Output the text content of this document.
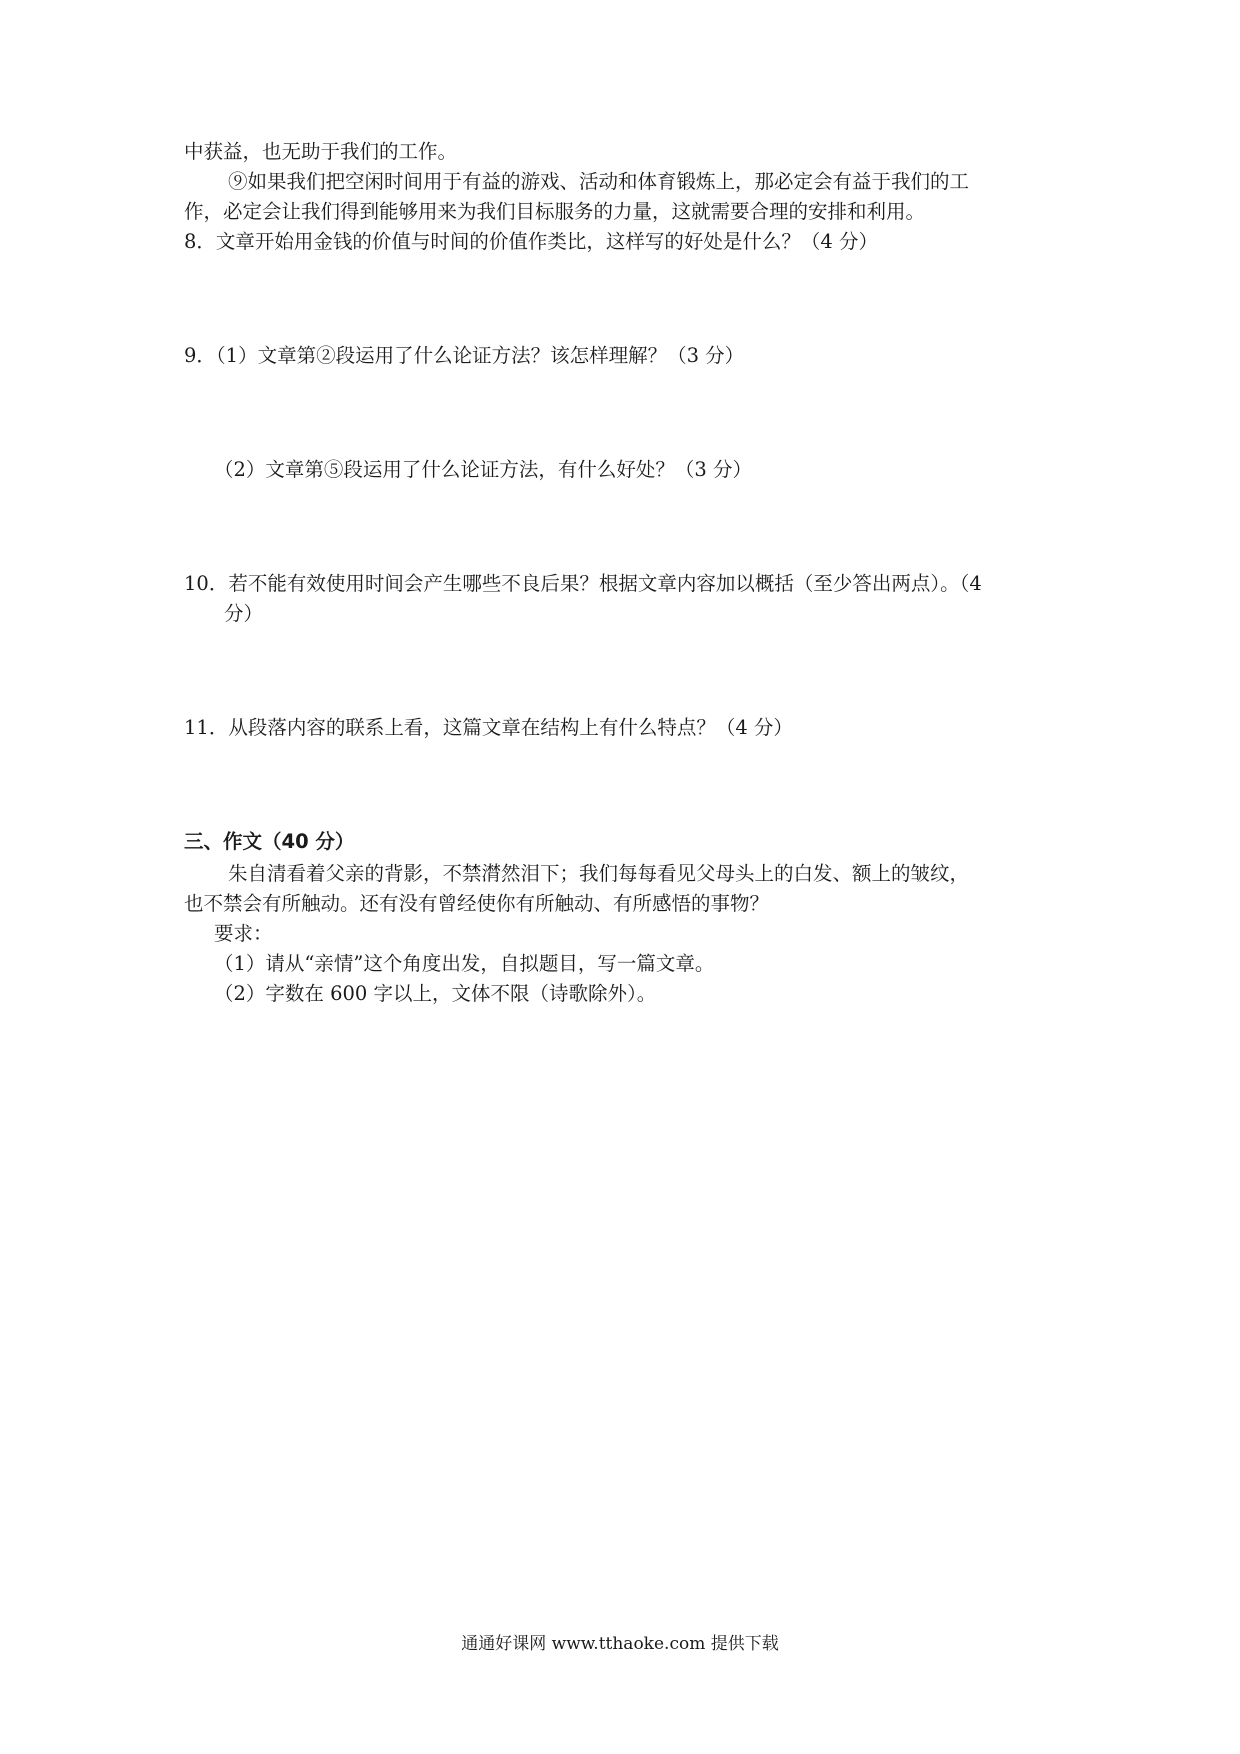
中获益，也无助于我们的工作。
⑨如果我们把空闲时间用于有益的游戏、活动和体育锻炼上，那必定会有益于我们的工
作，必定会让我们得到能够用来为我们目标服务的力量，这就需要合理的安排和利用。
8．文章开始用金钱的价值与时间的价值作类比，这样写的好处是什么？（4 分）
9．（1）文章第②段运用了什么论证方法？该怎样理解？（3 分）
（2）文章第⑤段运用了什么论证方法，有什么好处？（3 分）
10．若不能有效使用时间会产生哪些不良后果？根据文章内容加以概括（至少答出两点）。（4
分）
11．从段落内容的联系上看，这篇文章在结构上有什么特点？（4 分）
三、作文（40 分）
朱自清看着父亲的背影，不禁潸然泪下；我们每每看见父母头上的白发、额上的皱纹，
也不禁会有所触动。还有没有曾经使你有所触动、有所感悟的事物？
要求：
（1）请从“亲情”这个角度出发，自拟题目，写一篇文章。
（2）字数在 600 字以上，文体不限（诗歌除外）。
通通好课网 www.tthaoke.com 提供下载
